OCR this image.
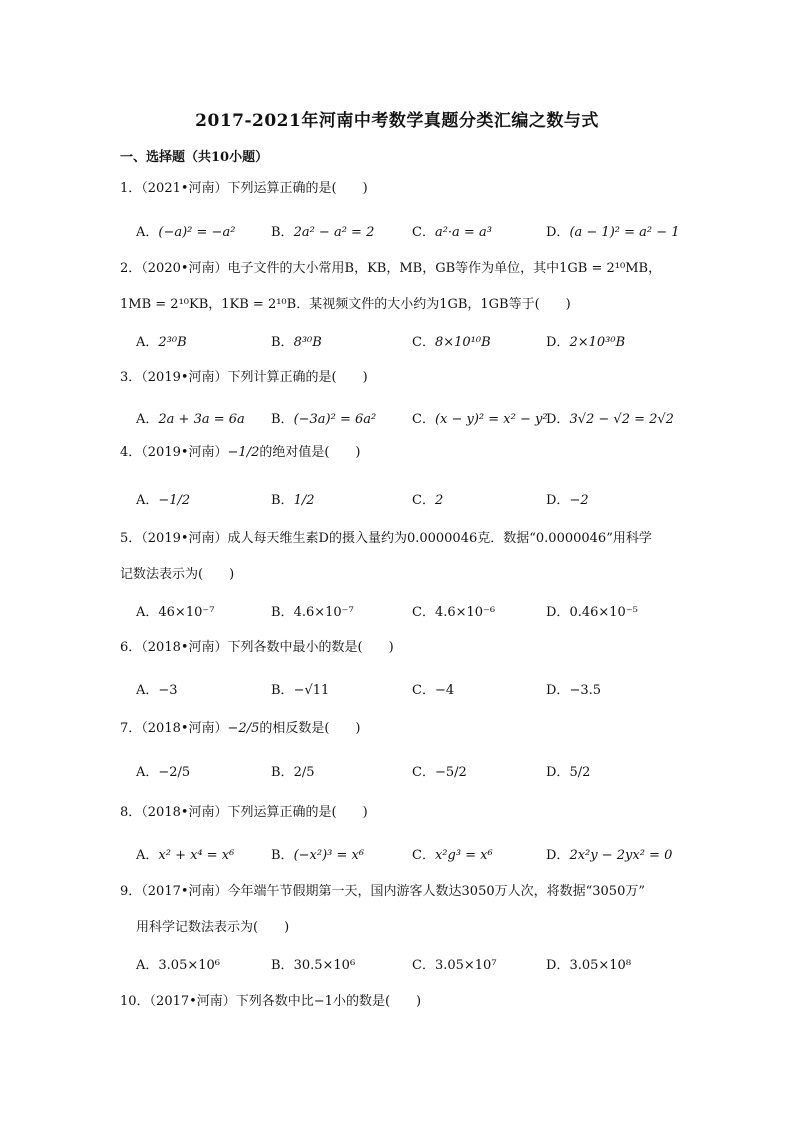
2017-2021年河南中考数学真题分类汇编之数与式
一、选择题（共10小题）
1．（2021•河南）下列运算正确的是(　　)
A．(−a)² = −a²	B．2a² − a² = 2	C．a²·a = a³	D．(a − 1)² = a² − 1
2．（2020•河南）电子文件的大小常用B，KB，MB，GB等作为单位，其中1GB = 2¹⁰MB，
1MB = 2¹⁰KB，1KB = 2¹⁰B．某视频文件的大小约为1GB，1GB等于(　　)
A．2³⁰B	B．8³⁰B	C．8×10¹⁰B	D．2×10³⁰B
3．（2019•河南）下列计算正确的是(　　)
A．2a + 3a = 6a B．(−3a)² = 6a²	C．(x − y)² = x² − y²
D．3√2 − √2 = 2√2
4．（2019•河南）−1/2的绝对值是(　　)
A．−1/2	B．1/2	C．2	D．−2
5．（2019•河南）成人每天维生素D的摄入量约为0.0000046克．数据“0.0000046”用科学
记数法表示为(　　)
A．46×10⁻⁷	B．4.6×10⁻⁷	C．4.6×10⁻⁶	D．0.46×10⁻⁵
6．（2018•河南）下列各数中最小的数是(　　)
A．−3	B．−√11	C．−4	D．−3.5
7．（2018•河南）−2/5的相反数是(　　)
A．−2/5	B．2/5	C．−5/2	D．5/2
8．（2018•河南）下列运算正确的是(　　)
A．x² + x⁴ = x⁶	B．(−x²)³ = x⁶	C．x²g³ = x⁶	D．2x²y − 2yx² = 0
9．（2017•河南）今年端午节假期第一天，国内游客人数达3050万人次，将数据“3050万”
用科学记数法表示为(　　)
A．3.05×10⁶	B．30.5×10⁶	C．3.05×10⁷	D．3.05×10⁸
10．（2017•河南）下列各数中比−1小的数是(　　)
